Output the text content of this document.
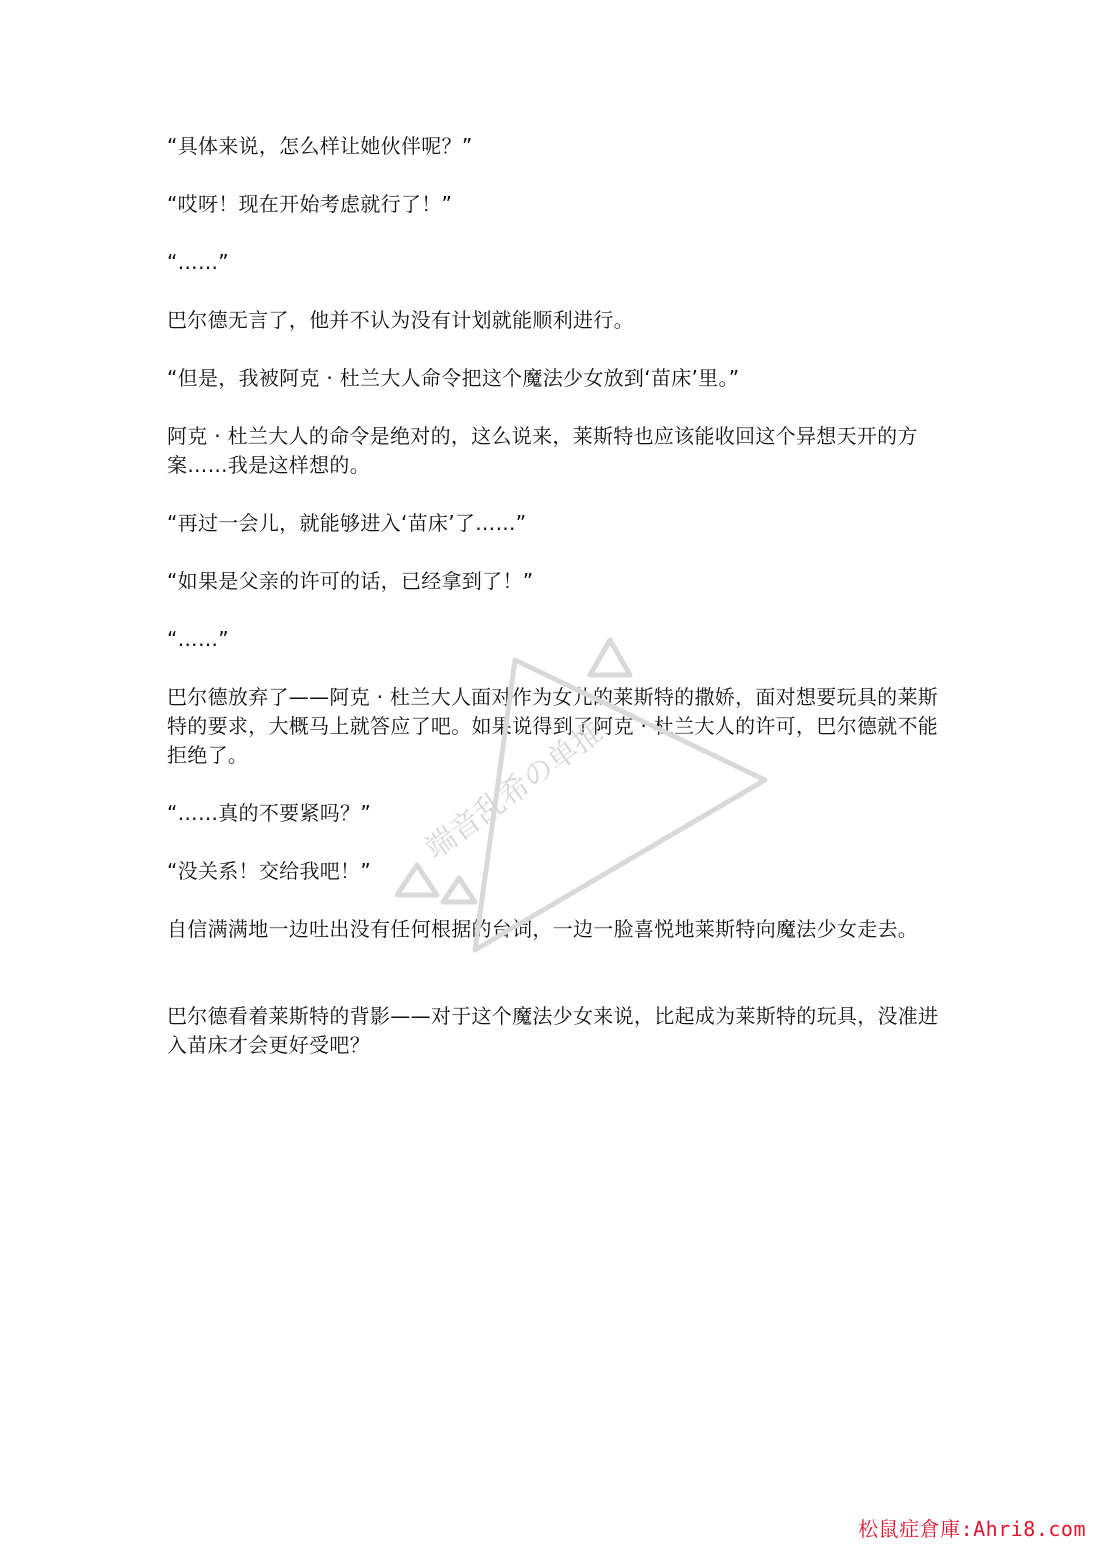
“具体来说，怎么样让她伙伴呢？”

“哎呀！现在开始考虑就行了！”

“……”

巴尔德无言了，他并不认为没有计划就能顺利进行。

“但是，我被阿克 · 杜兰大人命令把这个魔法少女放到‘苗床’里。”

阿克 · 杜兰大人的命令是绝对的，这么说来，莱斯特也应该能收回这个异想天开的方案……我是这样想的。

“再过一会儿，就能够进入‘苗床’了……”

“如果是父亲的许可的话，已经拿到了！”

“……”

巴尔德放弃了——阿克 · 杜兰大人面对作为女儿的莱斯特的撒娇，面对想要玩具的莱斯特的要求，大概马上就答应了吧。如果说得到了阿克 · 杜兰大人的许可，巴尔德就不能拒绝了。

“……真的不要紧吗？”

“没关系！交给我吧！”

自信满满地一边吐出没有任何根据的台词，一边一脸喜悦地莱斯特向魔法少女走去。

巴尔德看着莱斯特的背影——对于这个魔法少女来说，比起成为莱斯特的玩具，没准进入苗床才会更好受吧？

端音乱希の单推
松鼠症倉庫:Ahri8.com
